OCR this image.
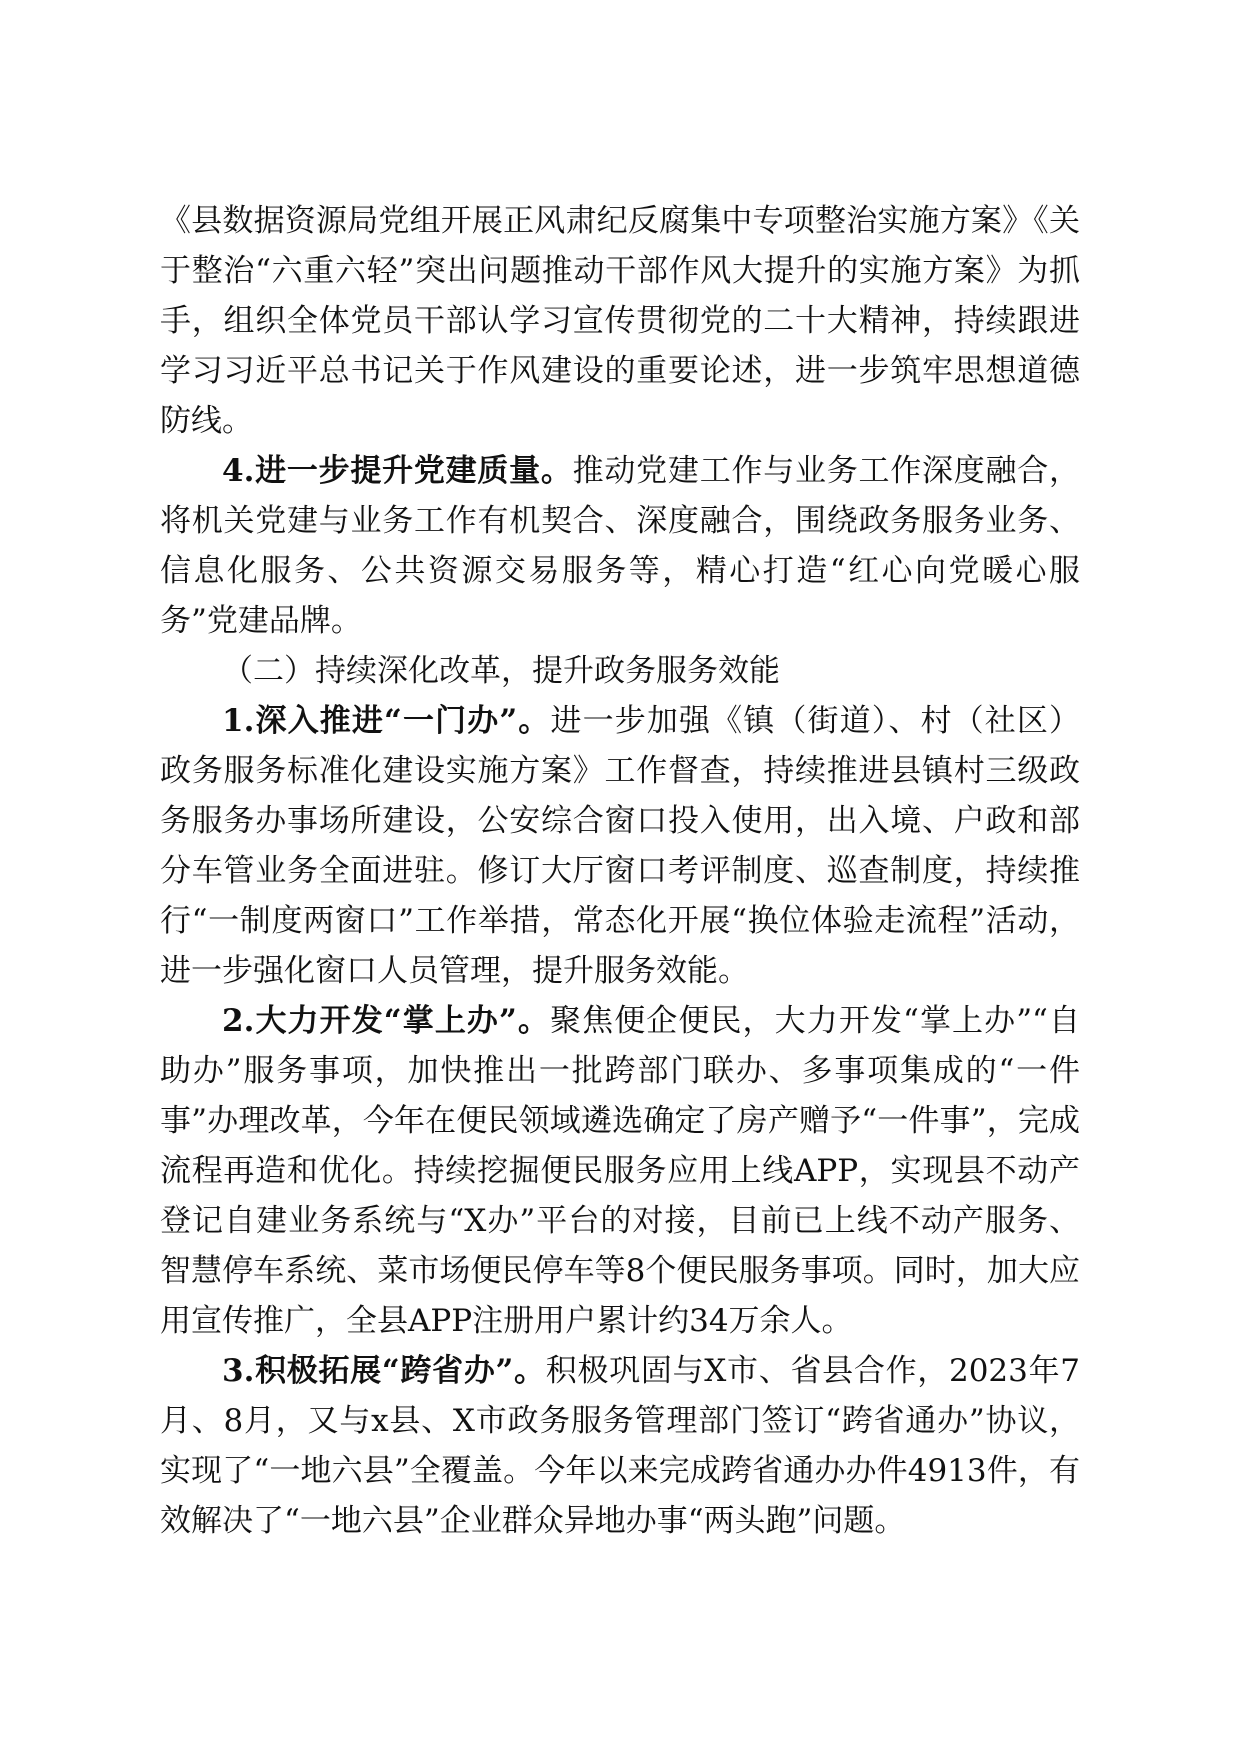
《县数据资源局党组开展正风肃纪反腐集中专项整治实施方案》《关于整治“六重六轻”突出问题推动干部作风大提升的实施方案》为抓手，组织全体党员干部认学习宣传贯彻党的二十大精神，持续跟进学习习近平总书记关于作风建设的重要论述，进一步筑牢思想道德防线。

4.进一步提升党建质量。推动党建工作与业务工作深度融合，将机关党建与业务工作有机契合、深度融合，围绕政务服务业务、信息化服务、公共资源交易服务等，精心打造“红心向党暖心服务”党建品牌。

（二）持续深化改革，提升政务服务效能

1.深入推进“一门办”。进一步加强《镇（街道）、村（社区）政务服务标准化建设实施方案》工作督查，持续推进县镇村三级政务服务办事场所建设，公安综合窗口投入使用，出入境、户政和部分车管业务全面进驻。修订大厅窗口考评制度、巡查制度，持续推行“一制度两窗口”工作举措，常态化开展“换位体验走流程”活动，进一步强化窗口人员管理，提升服务效能。

2.大力开发“掌上办”。聚焦便企便民，大力开发“掌上办”“自助办”服务事项，加快推出一批跨部门联办、多事项集成的“一件事”办理改革，今年在便民领域遴选确定了房产赠予“一件事”，完成流程再造和优化。持续挖掘便民服务应用上线APP，实现县不动产登记自建业务系统与“X办”平台的对接，目前已上线不动产服务、智慧停车系统、菜市场便民停车等8个便民服务事项。同时，加大应用宣传推广，全县APP注册用户累计约34万余人。

3.积极拓展“跨省办”。积极巩固与X市、省县合作，2023年7月、8月，又与x县、X市政务服务管理部门签订“跨省通办”协议，实现了“一地六县”全覆盖。今年以来完成跨省通办办件4913件，有效解决了“一地六县”企业群众异地办事“两头跑”问题。
